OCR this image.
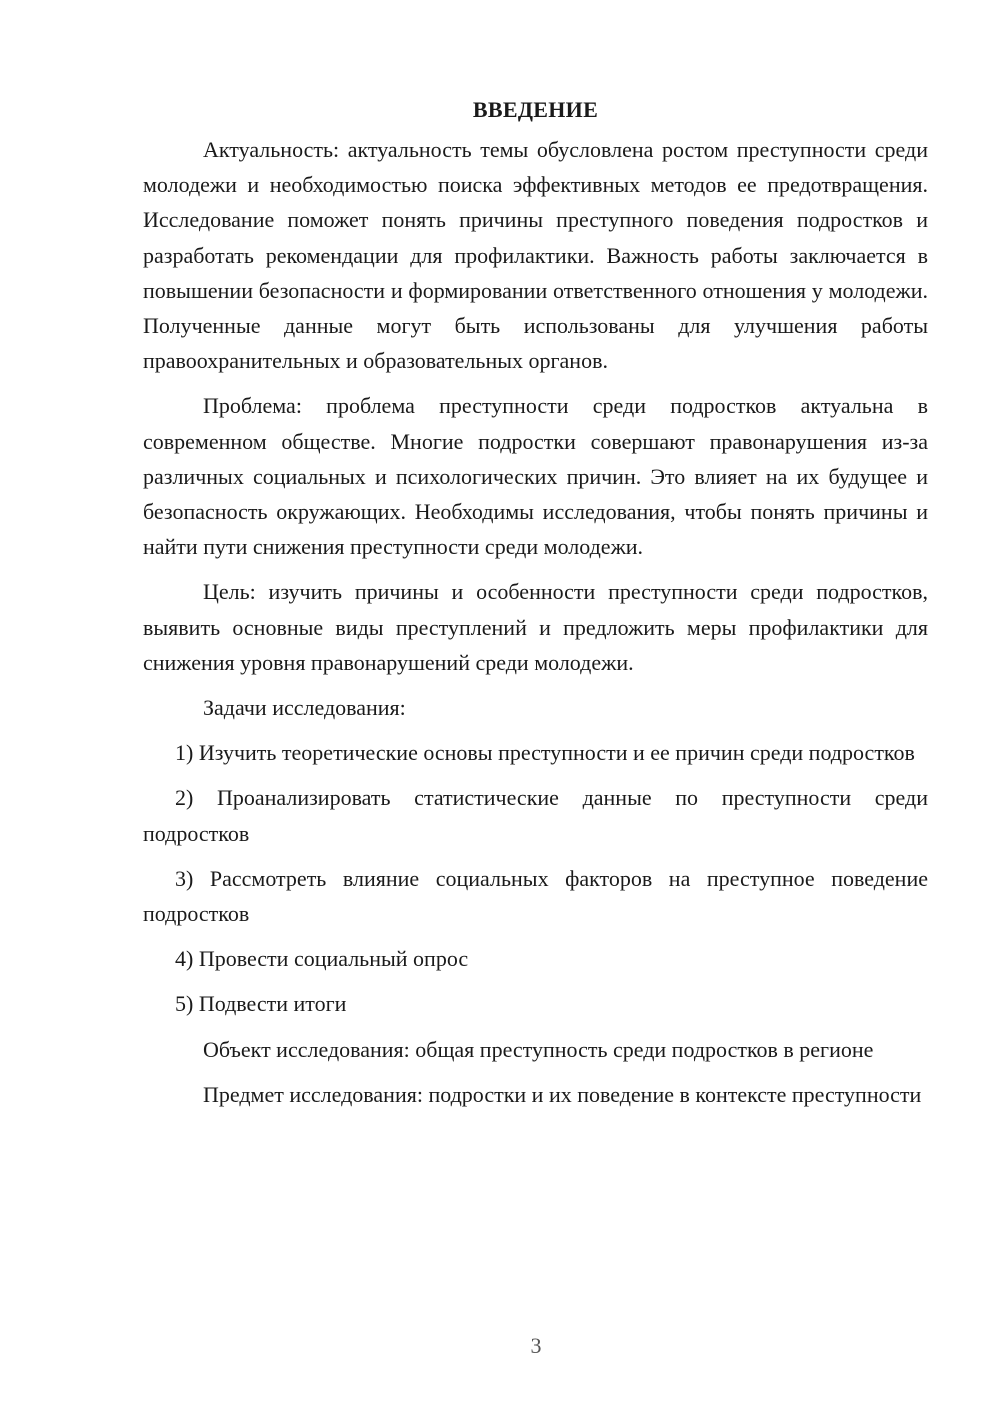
ВВЕДЕНИЕ

Актуальность: актуальность темы обусловлена ростом преступности среди молодежи и необходимостью поиска эффективных методов ее предотвращения. Исследование поможет понять причины преступного поведения подростков и разработать рекомендации для профилактики. Важность работы заключается в повышении безопасности и формировании ответственного отношения у молодежи. Полученные данные могут быть использованы для улучшения работы правоохранительных и образовательных органов.

Проблема: проблема преступности среди подростков актуальна в современном обществе. Многие подростки совершают правонарушения из-за различных социальных и психологических причин. Это влияет на их будущее и безопасность окружающих. Необходимы исследования, чтобы понять причины и найти пути снижения преступности среди молодежи.

Цель: изучить причины и особенности преступности среди подростков, выявить основные виды преступлений и предложить меры профилактики для снижения уровня правонарушений среди молодежи.

Задачи исследования:

1) Изучить теоретические основы преступности и ее причин среди подростков

2) Проанализировать статистические данные по преступности среди подростков

3) Рассмотреть влияние социальных факторов на преступное поведение подростков

4) Провести социальный опрос

5) Подвести итоги

Объект исследования: общая преступность среди подростков в регионе

Предмет исследования: подростки и их поведение в контексте преступности

3
